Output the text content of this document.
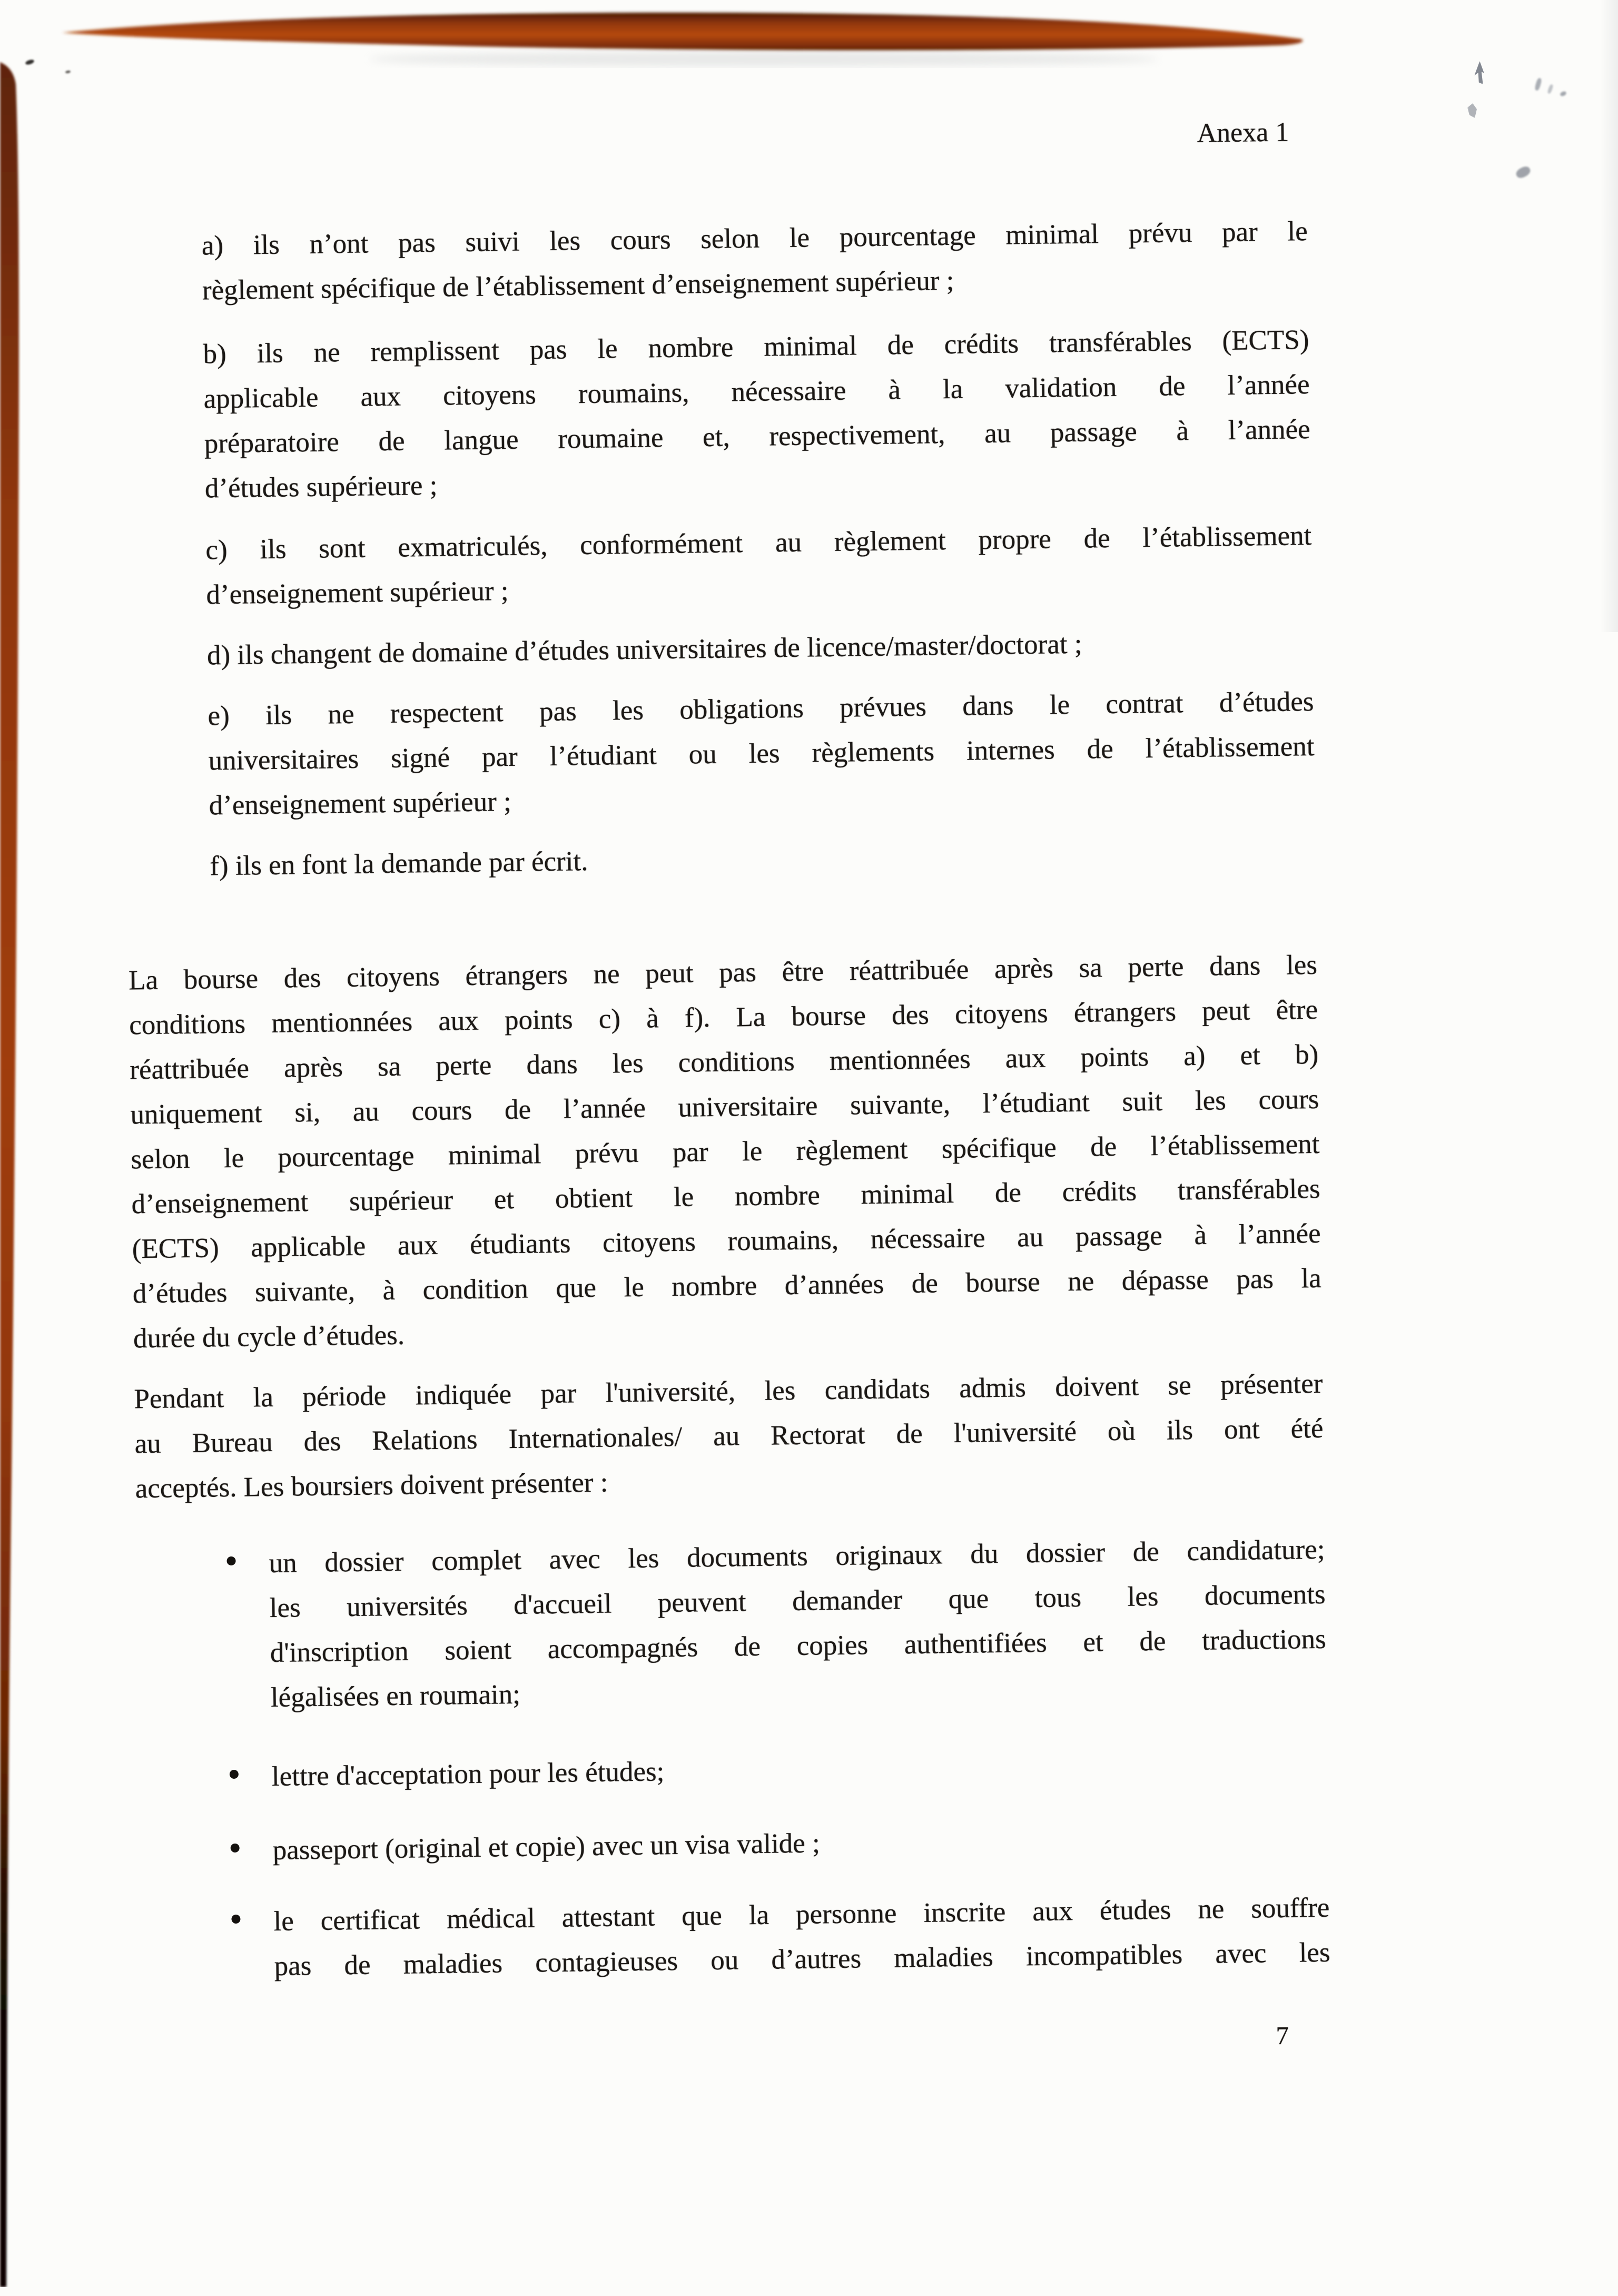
Anexa 1
a) ils n’ont pas suivi les cours selon le pourcentage minimal prévu par le
règlement spécifique de l’établissement d’enseignement supérieur ;
b) ils ne remplissent pas le nombre minimal de crédits transférables (ECTS)
applicable aux citoyens roumains, nécessaire à la validation de l’année
préparatoire de langue roumaine et, respectivement, au passage à l’année
d’études supérieure ;
c) ils sont exmatriculés, conformément au règlement propre de l’établissement
d’enseignement supérieur ;
d) ils changent de domaine d’études universitaires de licence/master/doctorat ;
e) ils ne respectent pas les obligations prévues dans le contrat d’études
universitaires signé par l’étudiant ou les règlements internes de l’établissement
d’enseignement supérieur ;
f) ils en font la demande par écrit.
La bourse des citoyens étrangers ne peut pas être réattribuée après sa perte dans les
conditions mentionnées aux points c) à f). La bourse des citoyens étrangers peut être
réattribuée après sa perte dans les conditions mentionnées aux points a) et b)
uniquement si, au cours de l’année universitaire suivante, l’étudiant suit les cours
selon le pourcentage minimal prévu par le règlement spécifique de l’établissement
d’enseignement supérieur et obtient le nombre minimal de crédits transférables
(ECTS) applicable aux étudiants citoyens roumains, nécessaire au passage à l’année
d’études suivante, à condition que le nombre d’années de bourse ne dépasse pas la
durée du cycle d’études.
Pendant la période indiquée par l'université, les candidats admis doivent se présenter
au Bureau des Relations Internationales/ au Rectorat de l'université où ils ont été
acceptés. Les boursiers doivent présenter :
un dossier complet avec les documents originaux du dossier de candidature;
les universités d'accueil peuvent demander que tous les documents
d'inscription soient accompagnés de copies authentifiées et de traductions
légalisées en roumain;
lettre d'acceptation pour les études;
passeport (original et copie) avec un visa valide ;
le certificat médical attestant que la personne inscrite aux études ne souffre
pas de maladies contagieuses ou d’autres maladies incompatibles avec les
7
